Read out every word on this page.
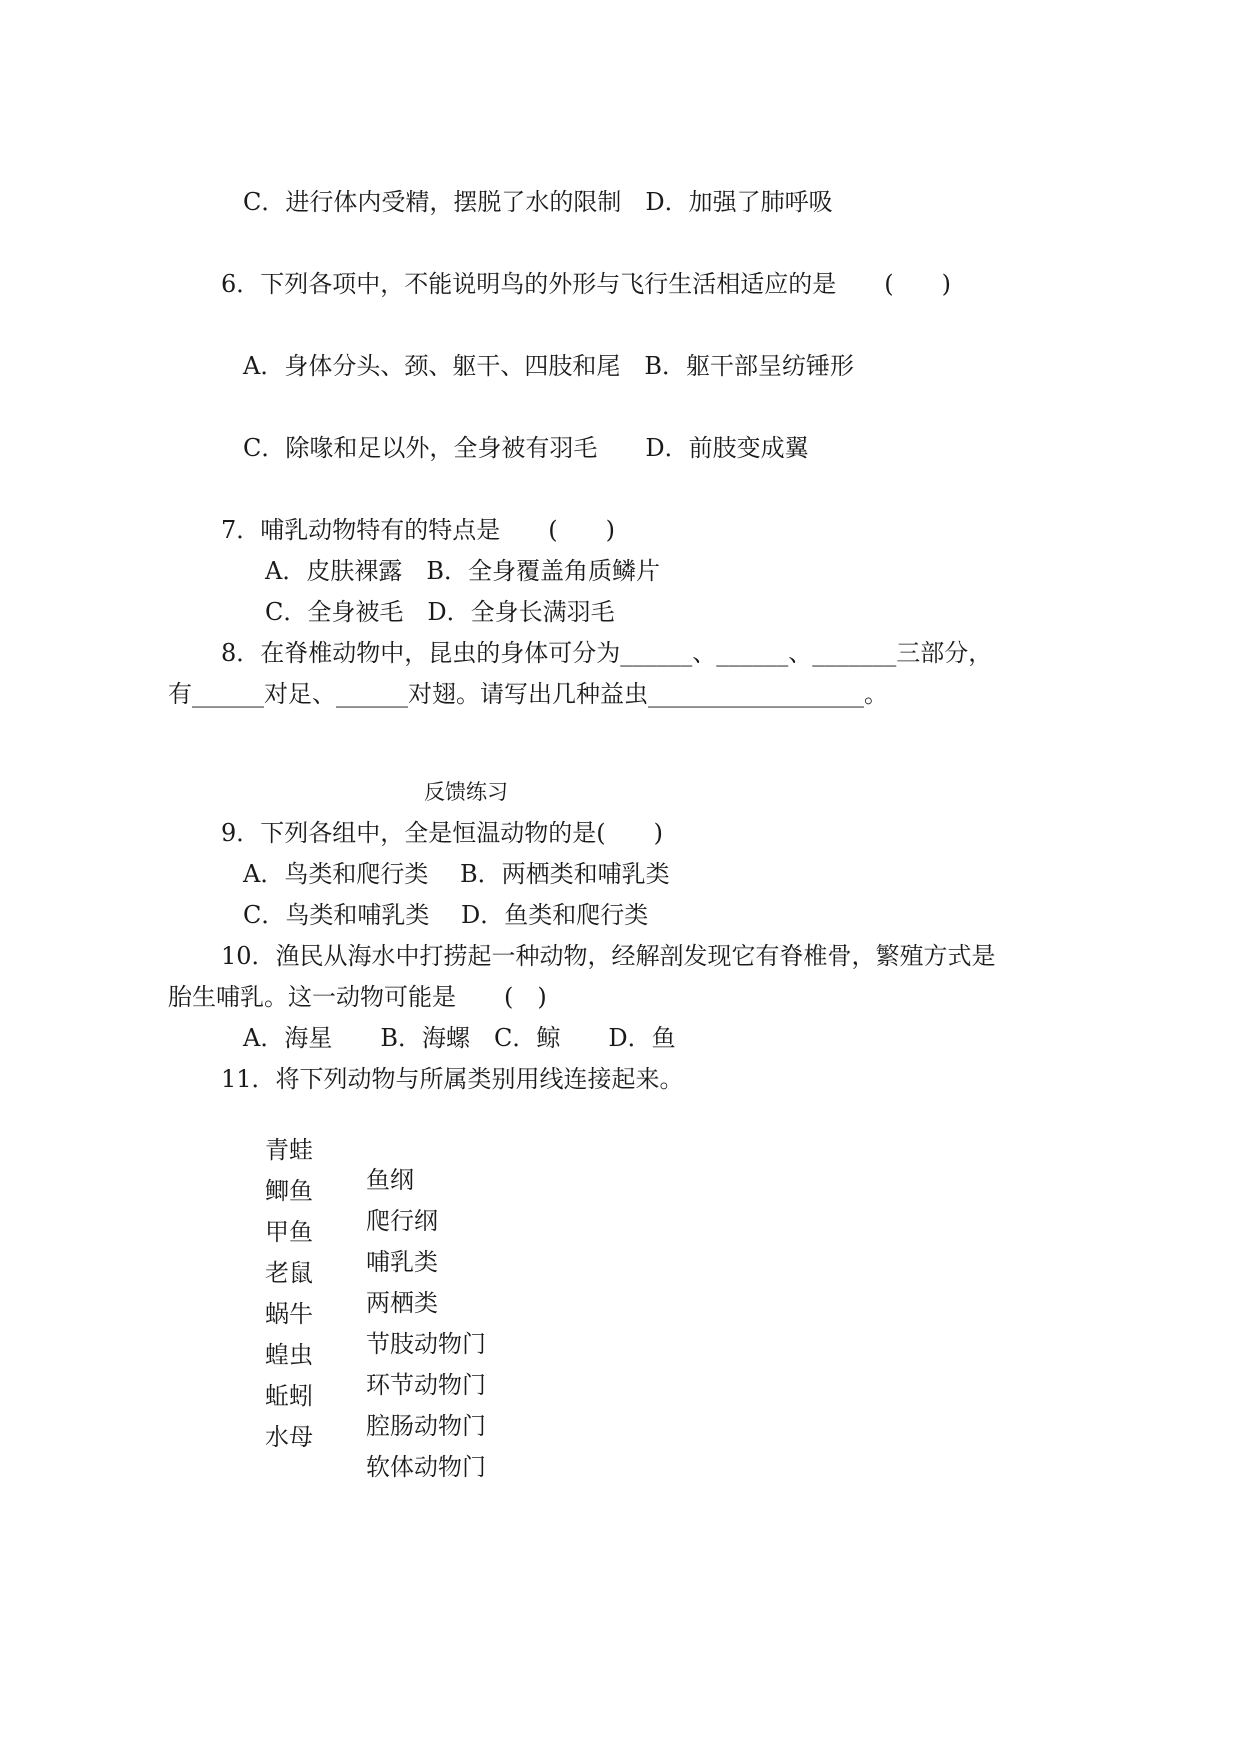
C．进行体内受精，摆脱了水的限制　D．加强了肺呼吸
6．下列各项中，不能说明鸟的外形与飞行生活相适应的是　　(　　)
A．身体分头、颈、躯干、四肢和尾　B．躯干部呈纺锤形
C．除喙和足以外，全身被有羽毛　　D．前肢变成翼
7．哺乳动物特有的特点是　　(　　)
A．皮肤裸露　B．全身覆盖角质鳞片
C．全身被毛　D．全身长满羽毛
8．在脊椎动物中，昆虫的身体可分为______、______、_______三部分，
有______对足、______对翅。请写出几种益虫__________________。
反馈练习
9．下列各组中，全是恒温动物的是(　　)
A．鸟类和爬行类　 B．两栖类和哺乳类
C．鸟类和哺乳类　 D．鱼类和爬行类
10．渔民从海水中打捞起一种动物，经解剖发现它有脊椎骨，繁殖方式是
胎生哺乳。这一动物可能是　　(　)
A．海星　　B．海螺　C．鲸　　D．鱼
11．将下列动物与所属类别用线连接起来。

青蛙

鱼纲

鲫鱼

爬行纲

甲鱼

哺乳类

老鼠

两栖类

蜗牛

节肢动物门

蝗虫

环节动物门

蚯蚓

腔肠动物门

水母

软体动物门
